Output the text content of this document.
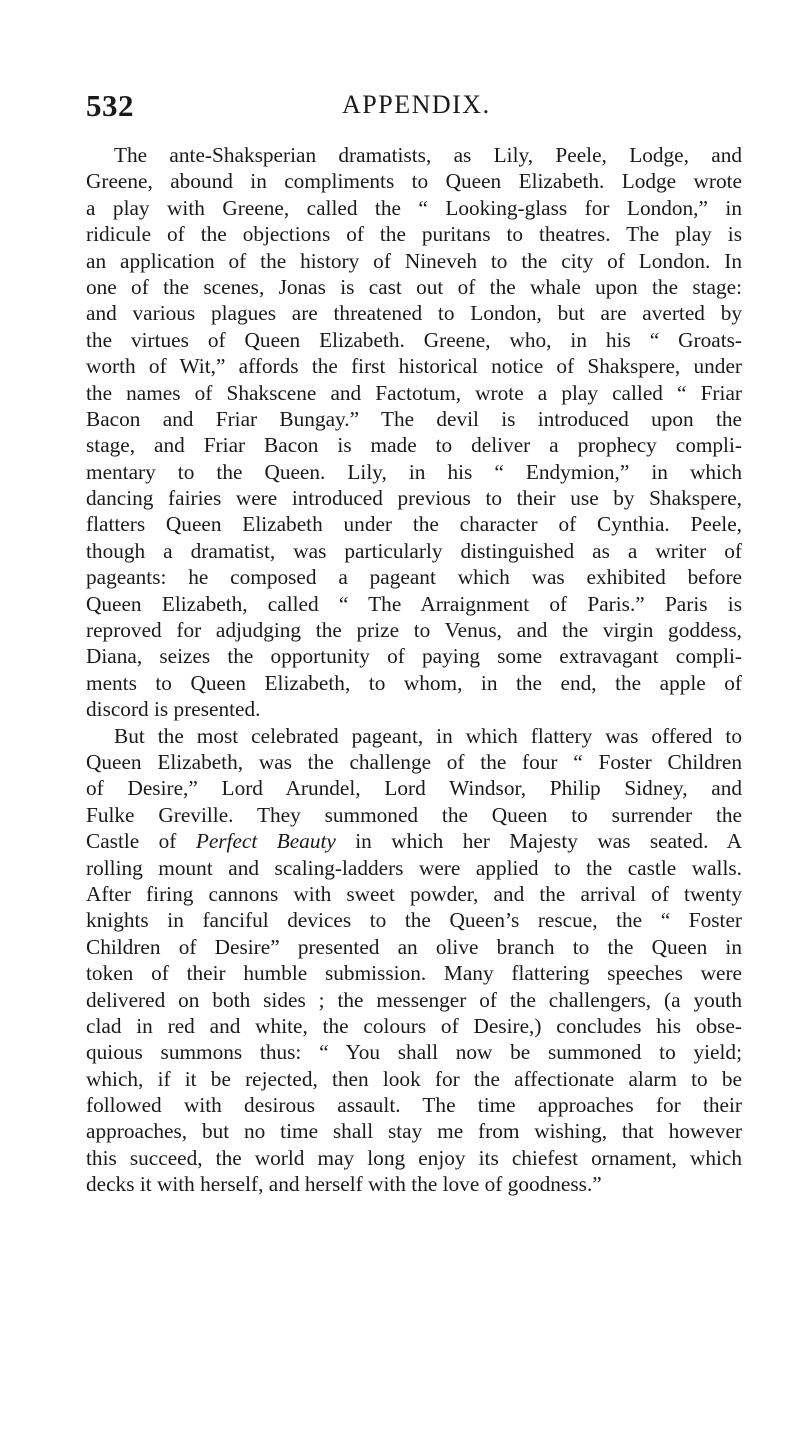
532	APPENDIX.
The ante-Shaksperian dramatists, as Lily, Peele, Lodge, and
Greene, abound in compliments to Queen Elizabeth. Lodge wrote
a play with Greene, called the “ Looking-glass for London,” in
ridicule of the objections of the puritans to theatres. The play is
an application of the history of Nineveh to the city of London. In
one of the scenes, Jonas is cast out of the whale upon the stage:
and various plagues are threatened to London, but are averted by
the virtues of Queen Elizabeth. Greene, who, in his “ Groats-
worth of Wit,” affords the first historical notice of Shakspere, under
the names of Shakscene and Factotum, wrote a play called “ Friar
Bacon and Friar Bungay.” The devil is introduced upon the
stage, and Friar Bacon is made to deliver a prophecy compli-
mentary to the Queen. Lily, in his “ Endymion,” in which
dancing fairies were introduced previous to their use by Shakspere,
flatters Queen Elizabeth under the character of Cynthia. Peele,
though a dramatist, was particularly distinguished as a writer of
pageants: he composed a pageant which was exhibited before
Queen Elizabeth, called “ The Arraignment of Paris.” Paris is
reproved for adjudging the prize to Venus, and the virgin goddess,
Diana, seizes the opportunity of paying some extravagant compli-
ments to Queen Elizabeth, to whom, in the end, the apple of
discord is presented.
But the most celebrated pageant, in which flattery was offered to
Queen Elizabeth, was the challenge of the four “ Foster Children
of Desire,” Lord Arundel, Lord Windsor, Philip Sidney, and
Fulke Greville. They summoned the Queen to surrender the
Castle of Perfect Beauty in which her Majesty was seated. A
rolling mount and scaling-ladders were applied to the castle walls.
After firing cannons with sweet powder, and the arrival of twenty
knights in fanciful devices to the Queen’s rescue, the “ Foster
Children of Desire” presented an olive branch to the Queen in
token of their humble submission. Many flattering speeches were
delivered on both sides ; the messenger of the challengers, (a youth
clad in red and white, the colours of Desire,) concludes his obse-
quious summons thus: “ You shall now be summoned to yield;
which, if it be rejected, then look for the affectionate alarm to be
followed with desirous assault. The time approaches for their
approaches, but no time shall stay me from wishing, that however
this succeed, the world may long enjoy its chiefest ornament, which
decks it with herself, and herself with the love of goodness.”
